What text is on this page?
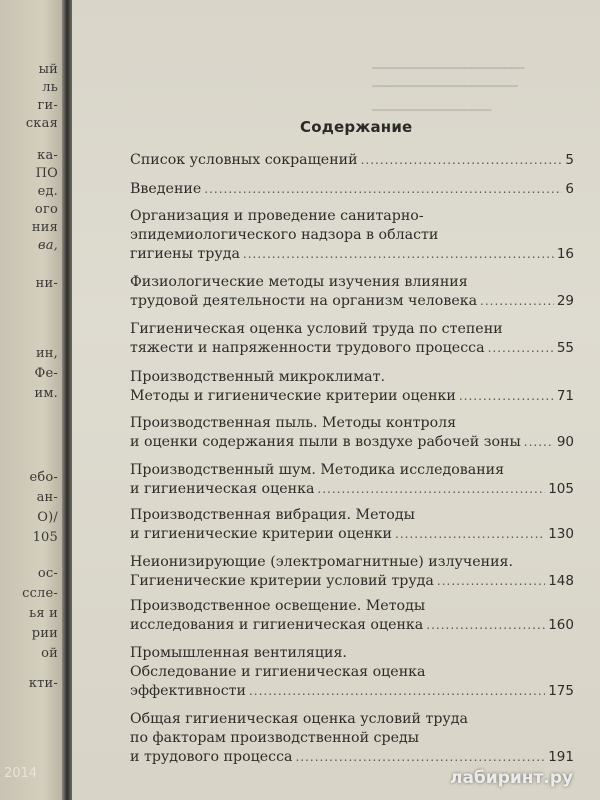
ый
ль
ги-
ская
ка-
ПО
ед.
ого
ния
ва,
ни-
ин,
Фе-
им.
ебо-
ан-
О)/
105
ос-
ссле-
ья и
рии
ой
кти-
━━━━━━━━━━━━━━━━━━━━━━━
━━━━━━━━━━━━━━━━━━━━━━
━━━━━━━━━━━━━━━━━━
Содержание
Список условных сокращений .....	5
Введение .....	6
Организация и проведение санитарно-
эпидемиологического надзора в области
гигиены труда .....	16
Физиологические методы изучения влияния
трудовой деятельности на организм человека .....	29
Гигиеническая оценка условий труда по степени
тяжести и напряженности трудового процесса .....	55
Производственный микроклимат.
Методы и гигиенические критерии оценки .....	71
Производственная пыль. Методы контроля
и оценки содержания пыли в воздухе рабочей зоны .....	90
Производственный шум. Методика исследования
и гигиеническая оценка .....	105
Производственная вибрация. Методы
и гигиенические критерии оценки .....	130
Неионизирующие (электромагнитные) излучения.
Гигиенические критерии условий труда .....	148
Производственное освещение. Методы
исследования и гигиеническая оценка .....	160
Промышленная вентиляция.
Обследование и гигиеническая оценка
эффективности .....	175
Общая гигиеническая оценка условий труда
по факторам производственной среды
и трудового процесса .....	191
2014	лабиринт.ру
